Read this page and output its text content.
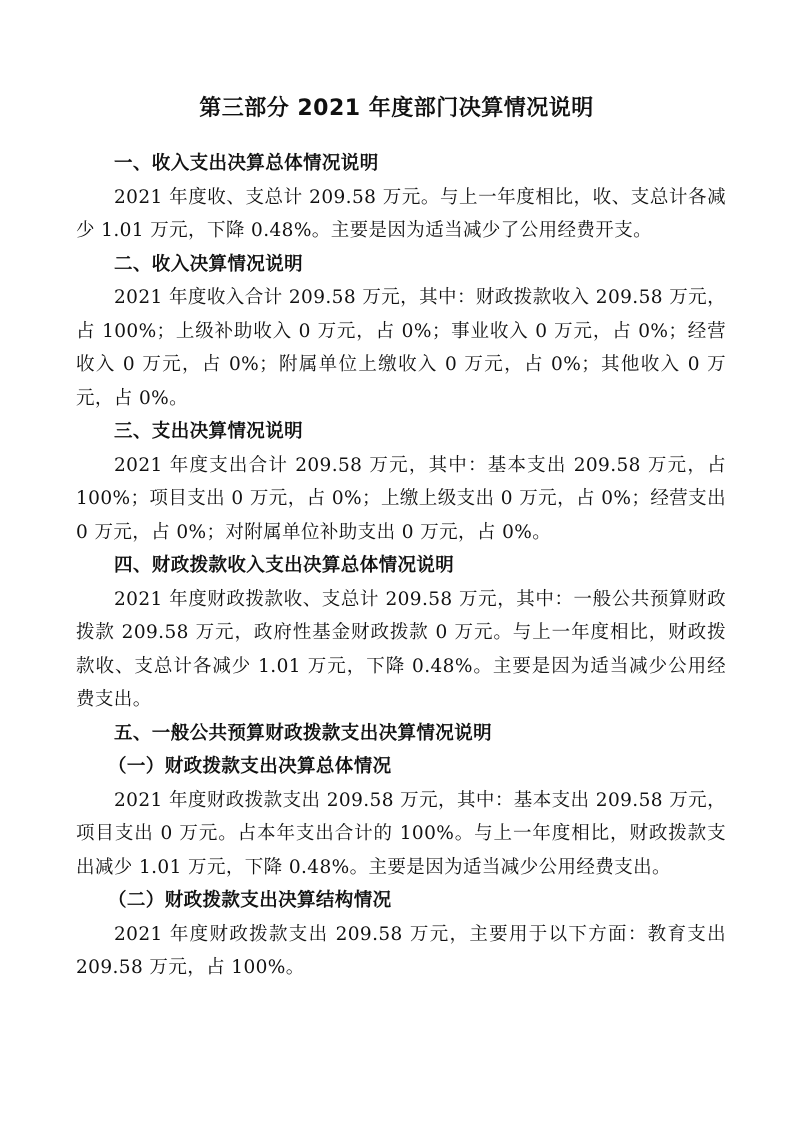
第三部分 2021 年度部门决算情况说明

一、收入支出决算总体情况说明

2021 年度收、支总计 209.58 万元。与上一年度相比，收、支总计各减少 1.01 万元，下降 0.48%。主要是因为适当减少了公用经费开支。

二、收入决算情况说明

2021 年度收入合计 209.58 万元，其中：财政拨款收入 209.58 万元，占 100%；上级补助收入 0 万元，占 0%；事业收入 0 万元，占 0%；经营收入 0 万元，占 0%；附属单位上缴收入 0 万元，占 0%；其他收入 0 万元，占 0%。

三、支出决算情况说明

2021 年度支出合计 209.58 万元，其中：基本支出 209.58 万元，占 100%；项目支出 0 万元，占 0%；上缴上级支出 0 万元，占 0%；经营支出 0 万元，占 0%；对附属单位补助支出 0 万元，占 0%。

四、财政拨款收入支出决算总体情况说明

2021 年度财政拨款收、支总计 209.58 万元，其中：一般公共预算财政拨款 209.58 万元，政府性基金财政拨款 0 万元。与上一年度相比，财政拨款收、支总计各减少 1.01 万元，下降 0.48%。主要是因为适当减少公用经费支出。

五、一般公共预算财政拨款支出决算情况说明

（一）财政拨款支出决算总体情况

2021 年度财政拨款支出 209.58 万元，其中：基本支出 209.58 万元，项目支出 0 万元。占本年支出合计的 100%。与上一年度相比，财政拨款支出减少 1.01 万元，下降 0.48%。主要是因为适当减少公用经费支出。

（二）财政拨款支出决算结构情况

2021 年度财政拨款支出 209.58 万元，主要用于以下方面：教育支出 209.58 万元，占 100%。
